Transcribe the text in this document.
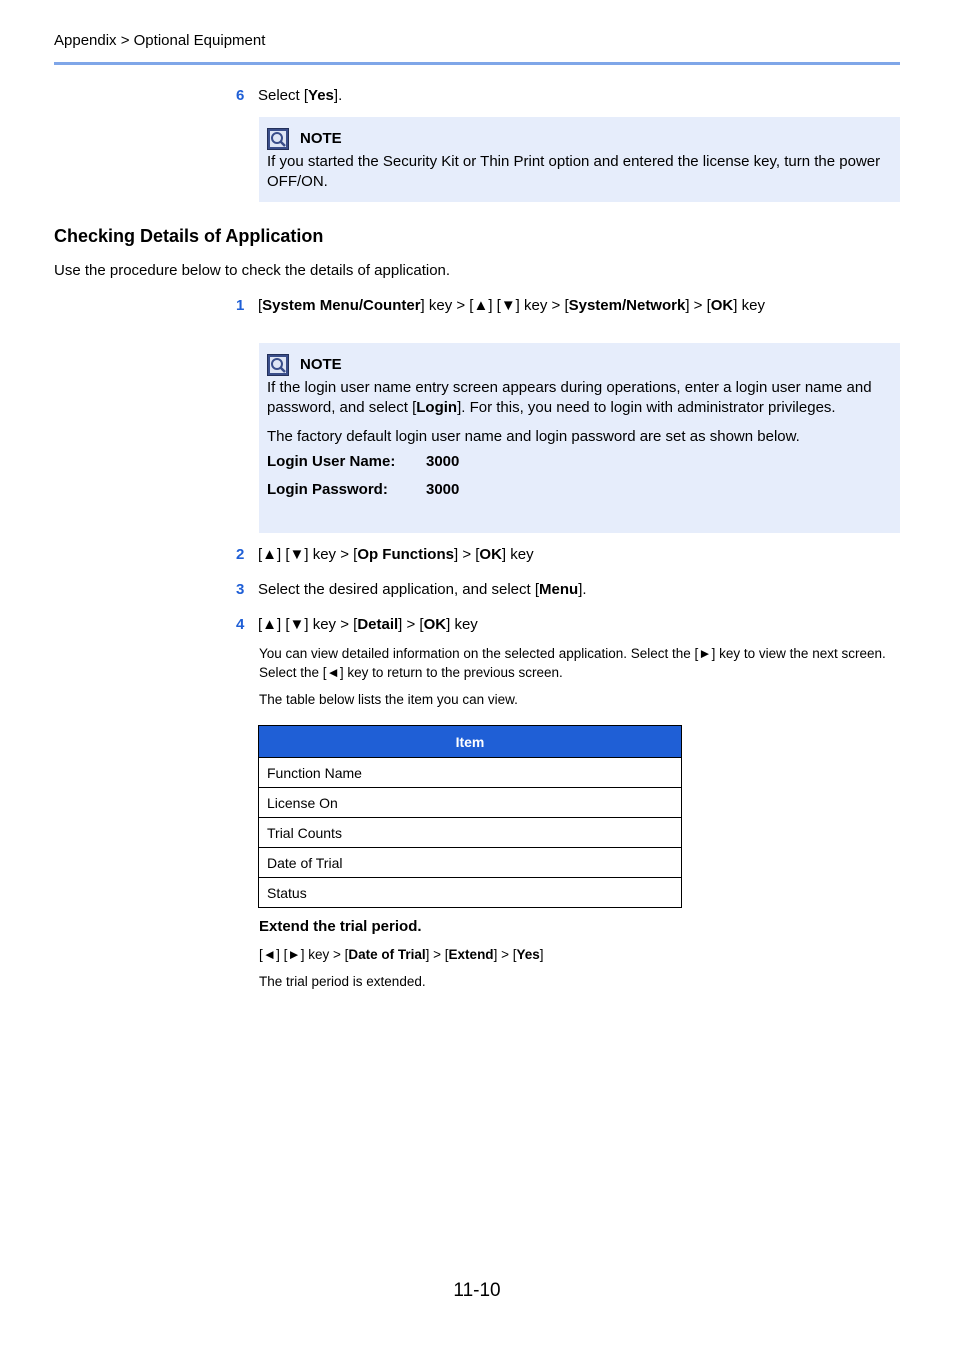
Appendix > Optional Equipment
6 Select [Yes].
NOTE

If you started the Security Kit or Thin Print option and entered the license key, turn the power OFF/ON.

Checking Details of Application
Use the procedure below to check the details of application.
1 [System Menu/Counter] key > [▲] [▼] key > [System/Network] > [OK] key
NOTE

If the login user name entry screen appears during operations, enter a login user name and password, and select [Login]. For this, you need to login with administrator privileges.

The factory default login user name and login password are set as shown below.

Login User Name:	3000
Login Password:	3000
2 [▲] [▼] key > [Op Functions] > [OK] key
3 Select the desired application, and select [Menu].
4 [▲] [▼] key > [Detail] > [OK] key
You can view detailed information on the selected application. Select the [►] key to view the next screen. Select the [◄] key to return to the previous screen.
The table below lists the item you can view.
Item
Function Name
License On
Trial Counts
Date of Trial
Status
Extend the trial period.
[◄] [►] key > [Date of Trial] > [Extend] > [Yes]
The trial period is extended.
11-10
